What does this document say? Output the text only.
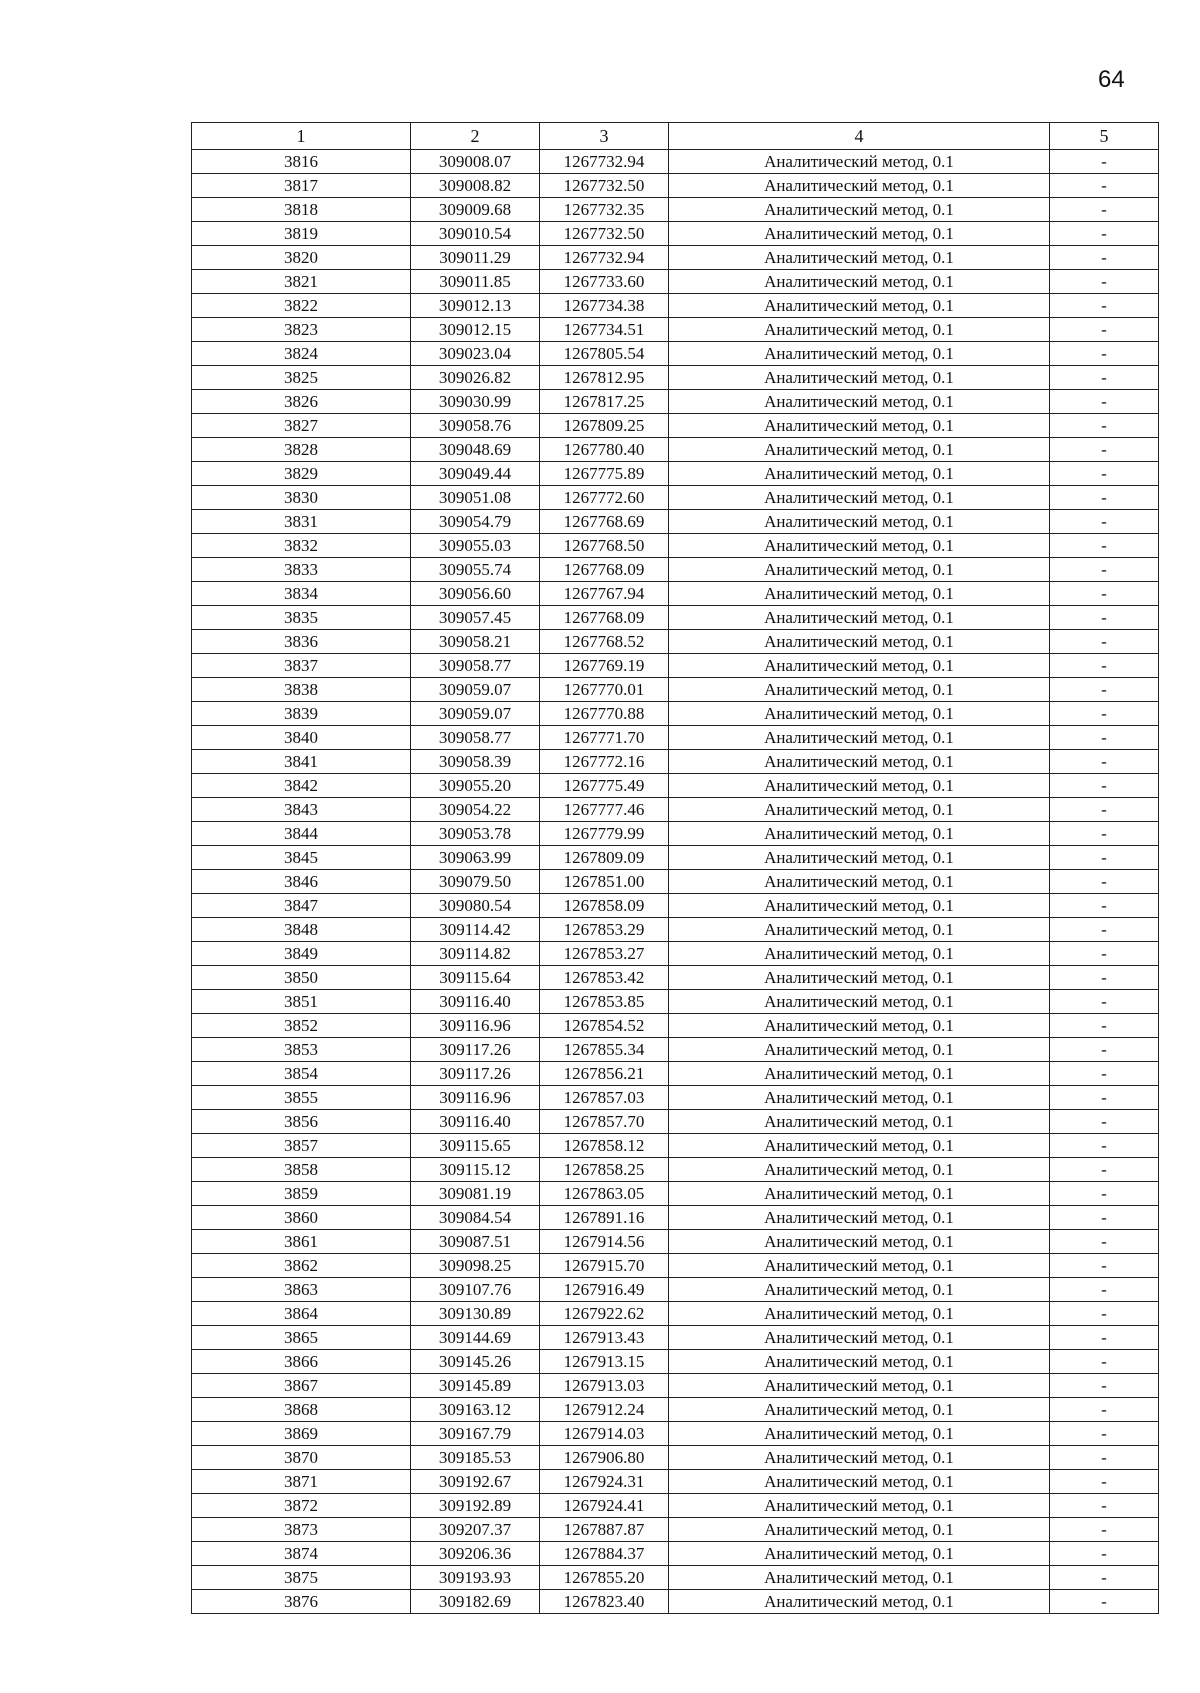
64
1	2	3	4	5
3816	309008.07	1267732.94	Аналитический метод, 0.1	-
3817	309008.82	1267732.50	Аналитический метод, 0.1	-
3818	309009.68	1267732.35	Аналитический метод, 0.1	-
3819	309010.54	1267732.50	Аналитический метод, 0.1	-
3820	309011.29	1267732.94	Аналитический метод, 0.1	-
3821	309011.85	1267733.60	Аналитический метод, 0.1	-
3822	309012.13	1267734.38	Аналитический метод, 0.1	-
3823	309012.15	1267734.51	Аналитический метод, 0.1	-
3824	309023.04	1267805.54	Аналитический метод, 0.1	-
3825	309026.82	1267812.95	Аналитический метод, 0.1	-
3826	309030.99	1267817.25	Аналитический метод, 0.1	-
3827	309058.76	1267809.25	Аналитический метод, 0.1	-
3828	309048.69	1267780.40	Аналитический метод, 0.1	-
3829	309049.44	1267775.89	Аналитический метод, 0.1	-
3830	309051.08	1267772.60	Аналитический метод, 0.1	-
3831	309054.79	1267768.69	Аналитический метод, 0.1	-
3832	309055.03	1267768.50	Аналитический метод, 0.1	-
3833	309055.74	1267768.09	Аналитический метод, 0.1	-
3834	309056.60	1267767.94	Аналитический метод, 0.1	-
3835	309057.45	1267768.09	Аналитический метод, 0.1	-
3836	309058.21	1267768.52	Аналитический метод, 0.1	-
3837	309058.77	1267769.19	Аналитический метод, 0.1	-
3838	309059.07	1267770.01	Аналитический метод, 0.1	-
3839	309059.07	1267770.88	Аналитический метод, 0.1	-
3840	309058.77	1267771.70	Аналитический метод, 0.1	-
3841	309058.39	1267772.16	Аналитический метод, 0.1	-
3842	309055.20	1267775.49	Аналитический метод, 0.1	-
3843	309054.22	1267777.46	Аналитический метод, 0.1	-
3844	309053.78	1267779.99	Аналитический метод, 0.1	-
3845	309063.99	1267809.09	Аналитический метод, 0.1	-
3846	309079.50	1267851.00	Аналитический метод, 0.1	-
3847	309080.54	1267858.09	Аналитический метод, 0.1	-
3848	309114.42	1267853.29	Аналитический метод, 0.1	-
3849	309114.82	1267853.27	Аналитический метод, 0.1	-
3850	309115.64	1267853.42	Аналитический метод, 0.1	-
3851	309116.40	1267853.85	Аналитический метод, 0.1	-
3852	309116.96	1267854.52	Аналитический метод, 0.1	-
3853	309117.26	1267855.34	Аналитический метод, 0.1	-
3854	309117.26	1267856.21	Аналитический метод, 0.1	-
3855	309116.96	1267857.03	Аналитический метод, 0.1	-
3856	309116.40	1267857.70	Аналитический метод, 0.1	-
3857	309115.65	1267858.12	Аналитический метод, 0.1	-
3858	309115.12	1267858.25	Аналитический метод, 0.1	-
3859	309081.19	1267863.05	Аналитический метод, 0.1	-
3860	309084.54	1267891.16	Аналитический метод, 0.1	-
3861	309087.51	1267914.56	Аналитический метод, 0.1	-
3862	309098.25	1267915.70	Аналитический метод, 0.1	-
3863	309107.76	1267916.49	Аналитический метод, 0.1	-
3864	309130.89	1267922.62	Аналитический метод, 0.1	-
3865	309144.69	1267913.43	Аналитический метод, 0.1	-
3866	309145.26	1267913.15	Аналитический метод, 0.1	-
3867	309145.89	1267913.03	Аналитический метод, 0.1	-
3868	309163.12	1267912.24	Аналитический метод, 0.1	-
3869	309167.79	1267914.03	Аналитический метод, 0.1	-
3870	309185.53	1267906.80	Аналитический метод, 0.1	-
3871	309192.67	1267924.31	Аналитический метод, 0.1	-
3872	309192.89	1267924.41	Аналитический метод, 0.1	-
3873	309207.37	1267887.87	Аналитический метод, 0.1	-
3874	309206.36	1267884.37	Аналитический метод, 0.1	-
3875	309193.93	1267855.20	Аналитический метод, 0.1	-
3876	309182.69	1267823.40	Аналитический метод, 0.1	-
